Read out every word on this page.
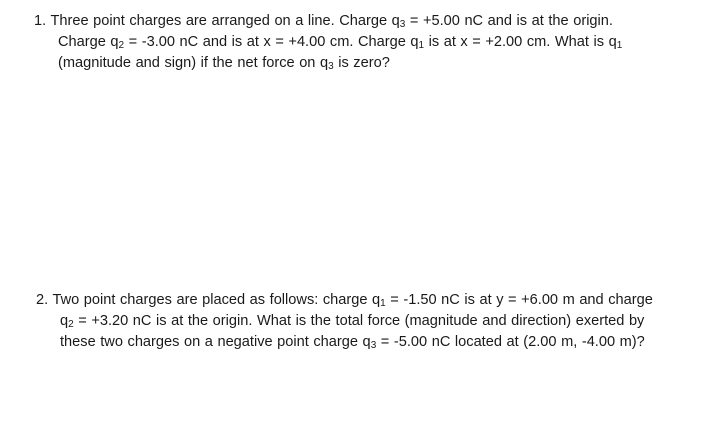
1. Three point charges are arranged on a line. Charge $q_3 = +5.00$ nC and is at the origin.
Charge $q_2 = -3.00$ nC and is at x = +4.00 cm. Charge $q_1$ is at x = +2.00 cm. What is $q_1$
(magnitude and sign) if the net force on $q_3$ is zero?
2. Two point charges are placed as follows: charge $q_1 = -1.50$ nC is at y = +6.00 m and charge
$q_2 = +3.20$ nC is at the origin. What is the total force (magnitude and direction) exerted by
these two charges on a negative point charge $q_3 = -5.00$ nC located at (2.00 m, -4.00 m)?
